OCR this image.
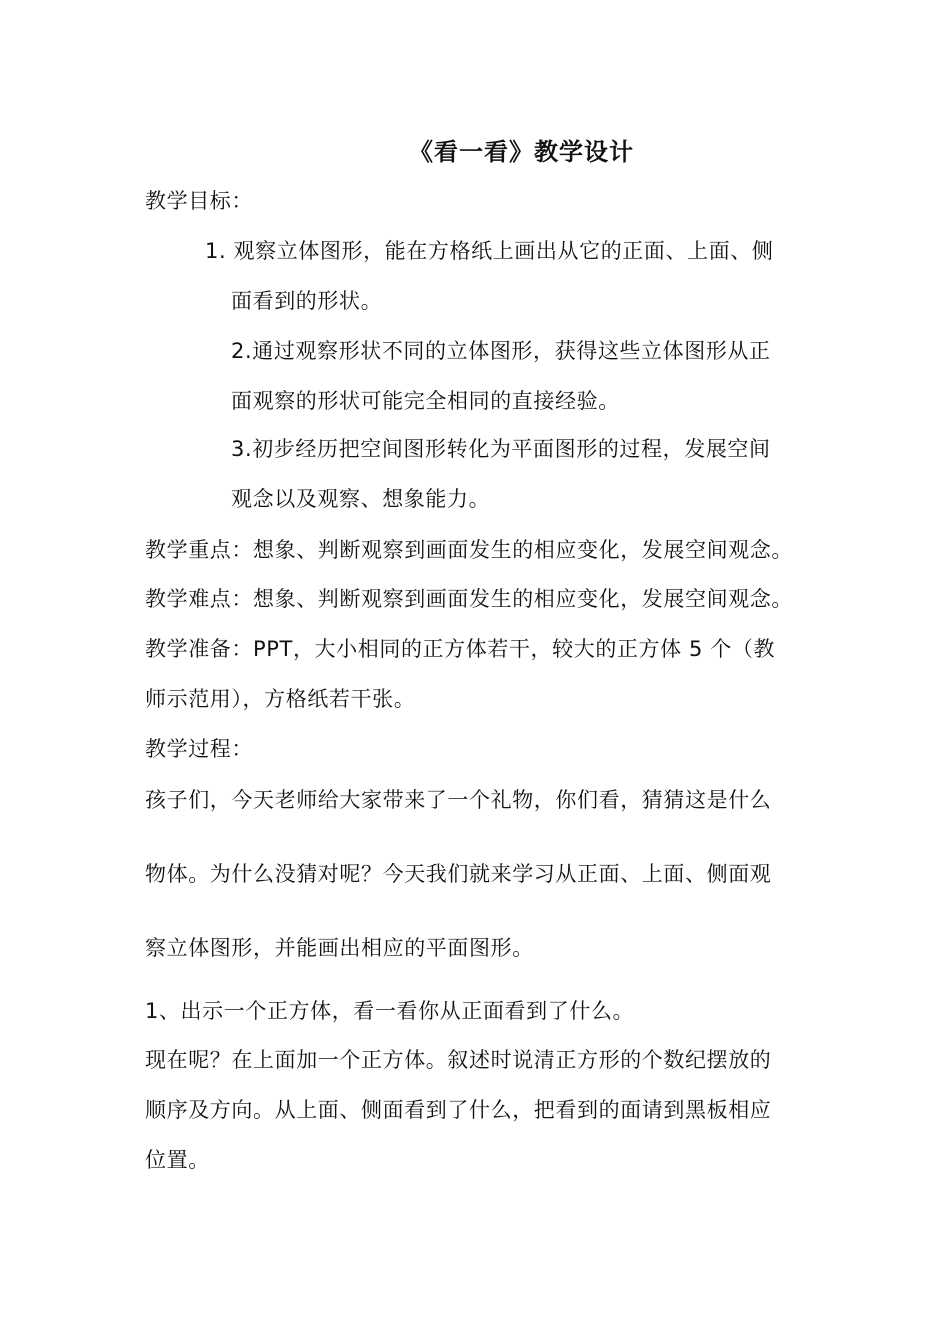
《看一看》教学设计
教学目标：
1. 观察立体图形，能在方格纸上画出从它的正面、上面、侧
面看到的形状。
2.通过观察形状不同的立体图形，获得这些立体图形从正
面观察的形状可能完全相同的直接经验。
3.初步经历把空间图形转化为平面图形的过程，发展空间
观念以及观察、想象能力。
教学重点：想象、判断观察到画面发生的相应变化，发展空间观念。
教学难点：想象、判断观察到画面发生的相应变化，发展空间观念。
教学准备：PPT，大小相同的正方体若干，较大的正方体 5 个（教
师示范用），方格纸若干张。
教学过程：
孩子们，今天老师给大家带来了一个礼物，你们看，猜猜这是什么
物体。为什么没猜对呢？今天我们就来学习从正面、上面、侧面观
察立体图形，并能画出相应的平面图形。
1、出示一个正方体，看一看你从正面看到了什么。
现在呢？在上面加一个正方体。叙述时说清正方形的个数纪摆放的
顺序及方向。从上面、侧面看到了什么，把看到的面请到黑板相应
位置。
